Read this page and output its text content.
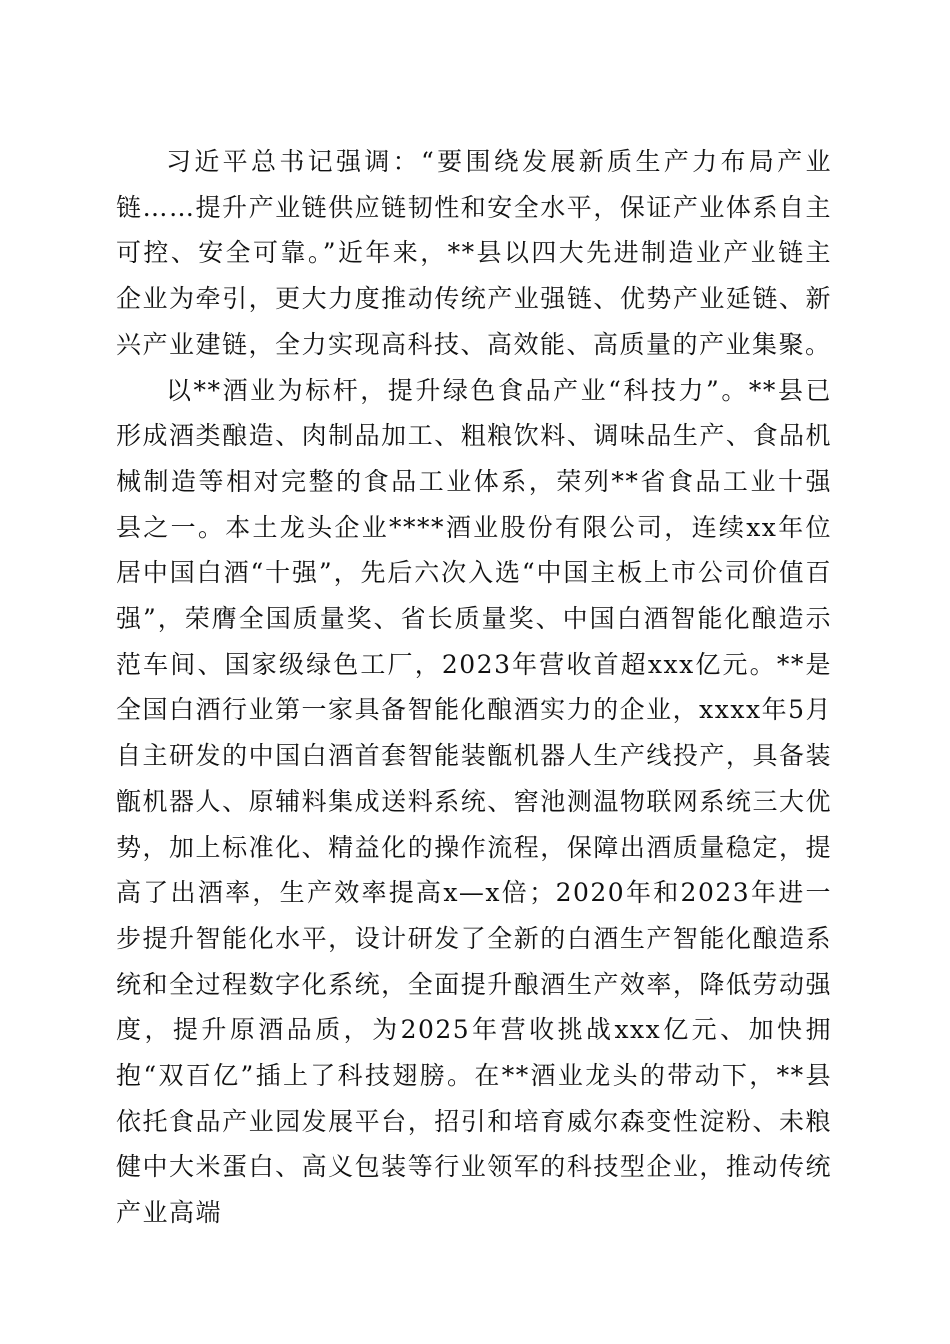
习近平总书记强调：“要围绕发展新质生产力布局产业链……提升产业链供应链韧性和安全水平，保证产业体系自主可控、安全可靠。”近年来，**县以四大先进制造业产业链主企业为牵引，更大力度推动传统产业强链、优势产业延链、新兴产业建链，全力实现高科技、高效能、高质量的产业集聚。

以**酒业为标杆，提升绿色食品产业“科技力”。**县已形成酒类酿造、肉制品加工、粗粮饮料、调味品生产、食品机械制造等相对完整的食品工业体系，荣列**省食品工业十强县之一。本土龙头企业****酒业股份有限公司，连续xx年位居中国白酒“十强”，先后六次入选“中国主板上市公司价值百强”，荣膺全国质量奖、省长质量奖、中国白酒智能化酿造示范车间、国家级绿色工厂，2023年营收首超xxx亿元。**是全国白酒行业第一家具备智能化酿酒实力的企业，xxxx年5月自主研发的中国白酒首套智能装甑机器人生产线投产，具备装甑机器人、原辅料集成送料系统、窖池测温物联网系统三大优势，加上标准化、精益化的操作流程，保障出酒质量稳定，提高了出酒率，生产效率提高x—x倍；2020年和2023年进一步提升智能化水平，设计研发了全新的白酒生产智能化酿造系统和全过程数字化系统，全面提升酿酒生产效率，降低劳动强度，提升原酒品质，为2025年营收挑战xxx亿元、加快拥抱“双百亿”插上了科技翅膀。在**酒业龙头的带动下，**县依托食品产业园发展平台，招引和培育威尔森变性淀粉、未粮健中大米蛋白、高义包装等行业领军的科技型企业，推动传统产业高端
